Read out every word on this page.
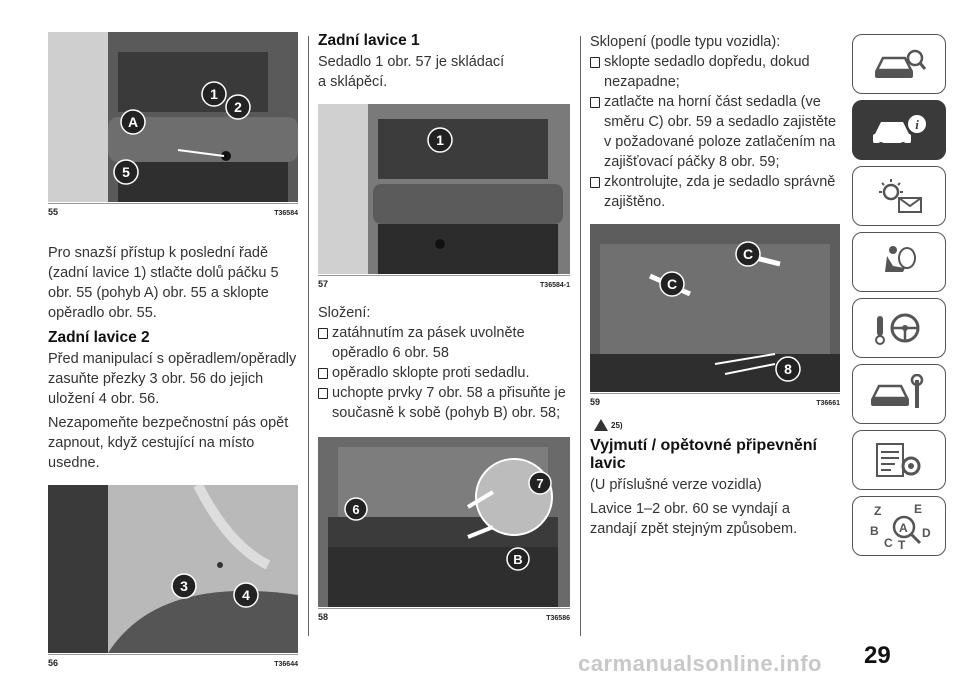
1
2
A
5
55	T36584

Pro snazší přístup k poslední řadě (zadní lavice 1) stlačte dolů páčku 5 obr. 55 (pohyb A) obr. 55 a sklopte opěradlo obr. 55.

Zadní lavice 2

Před manipulací s opěradlem/opěradly zasuňte přezky 3 obr. 56 do jejich uložení 4 obr. 56.

Nezapomeňte bezpečnostní pás opět zapnout, když cestující na místo usedne.

3
4
56	T36644
Zadní lavice 1

Sedadlo 1 obr. 57 je skládací a sklápěcí.

1
57	T36584-1

Složení:

zatáhnutím za pásek uvolněte opěradlo 6 obr. 58
opěradlo sklopte proti sedadlu.
uchopte prvky 7 obr. 58 a přisuňte je současně k sobě (pohyb B) obr. 58;
7
6
B
58	T36586

Sklopení (podle typu vozidla):

sklopte sedadlo dopředu, dokud nezapadne;
zatlačte na horní část sedadla (ve směru C) obr. 59 a sedadlo zajistěte v požadované poloze zatlačením na zajišťovací páčky 8 obr. 59;
zkontrolujte, zda je sedadlo správně zajištěno.
C
C
8
59	T36661
25)
Vyjmutí / opětovné připevnění lavic

(U příslušné verze vozidla)

Lavice 1–2 obr. 60 se vyndají a zandají zpět stejným způsobem.

i
Z	E
A
B
C T
D
carmanualsonline.info 29
